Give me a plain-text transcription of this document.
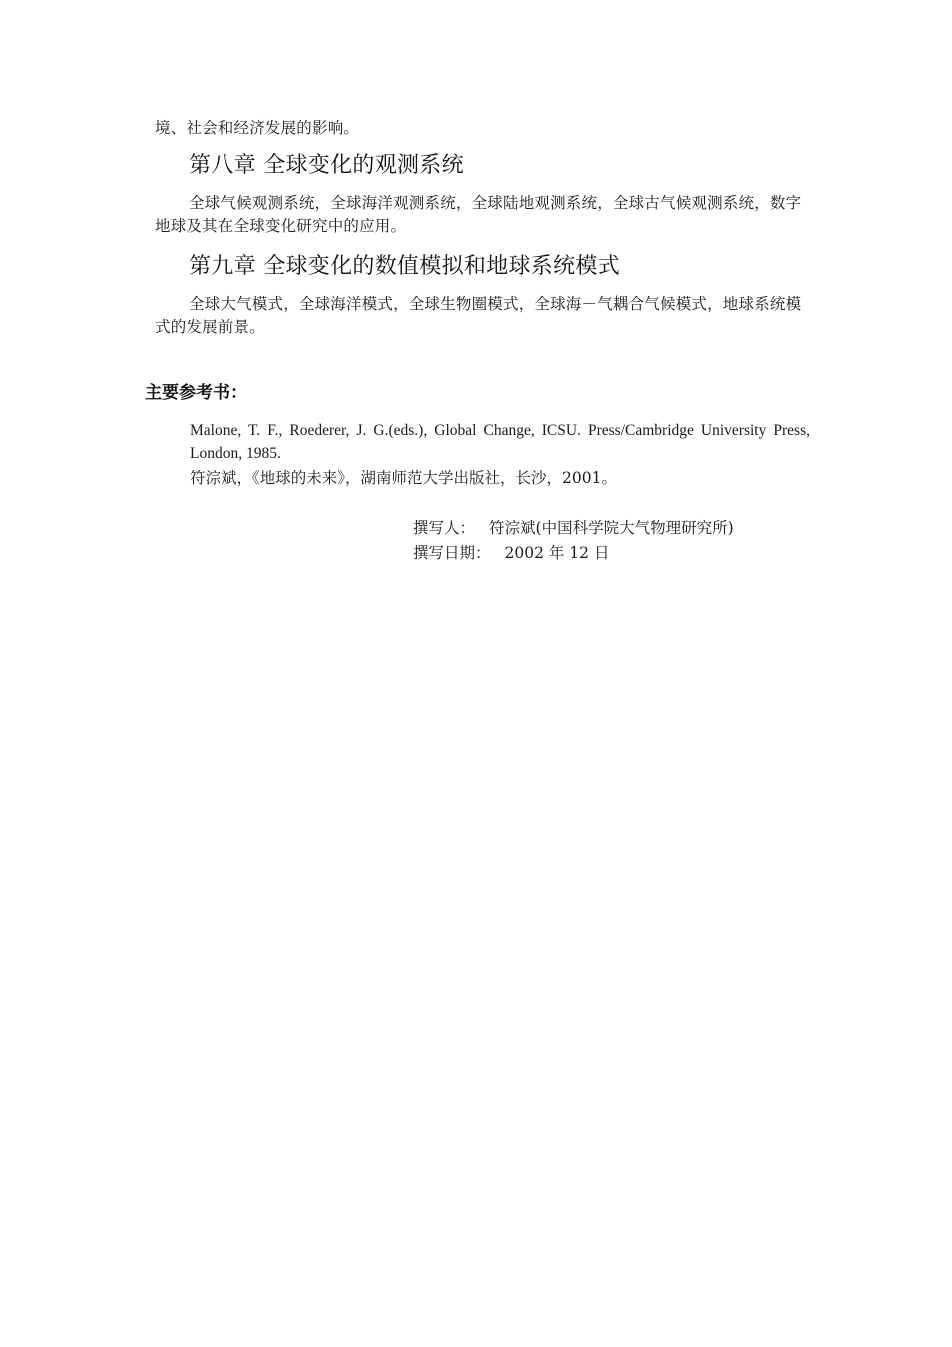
境、社会和经济发展的影响。
第八章 全球变化的观测系统
全球气候观测系统，全球海洋观测系统，全球陆地观测系统，全球古气候观测系统，数字地球及其在全球变化研究中的应用。
第九章 全球变化的数值模拟和地球系统模式
全球大气模式，全球海洋模式，全球生物圈模式，全球海－气耦合气候模式，地球系统模式的发展前景。
主要参考书：
Malone, T. F., Roederer, J. G.(eds.), Global Change, ICSU. Press/Cambridge University Press, London, 1985.
符淙斌，《地球的未来》，湖南师范大学出版社，长沙，2001。
撰写人： 符淙斌(中国科学院大气物理研究所)
撰写日期： 2002 年 12 日
